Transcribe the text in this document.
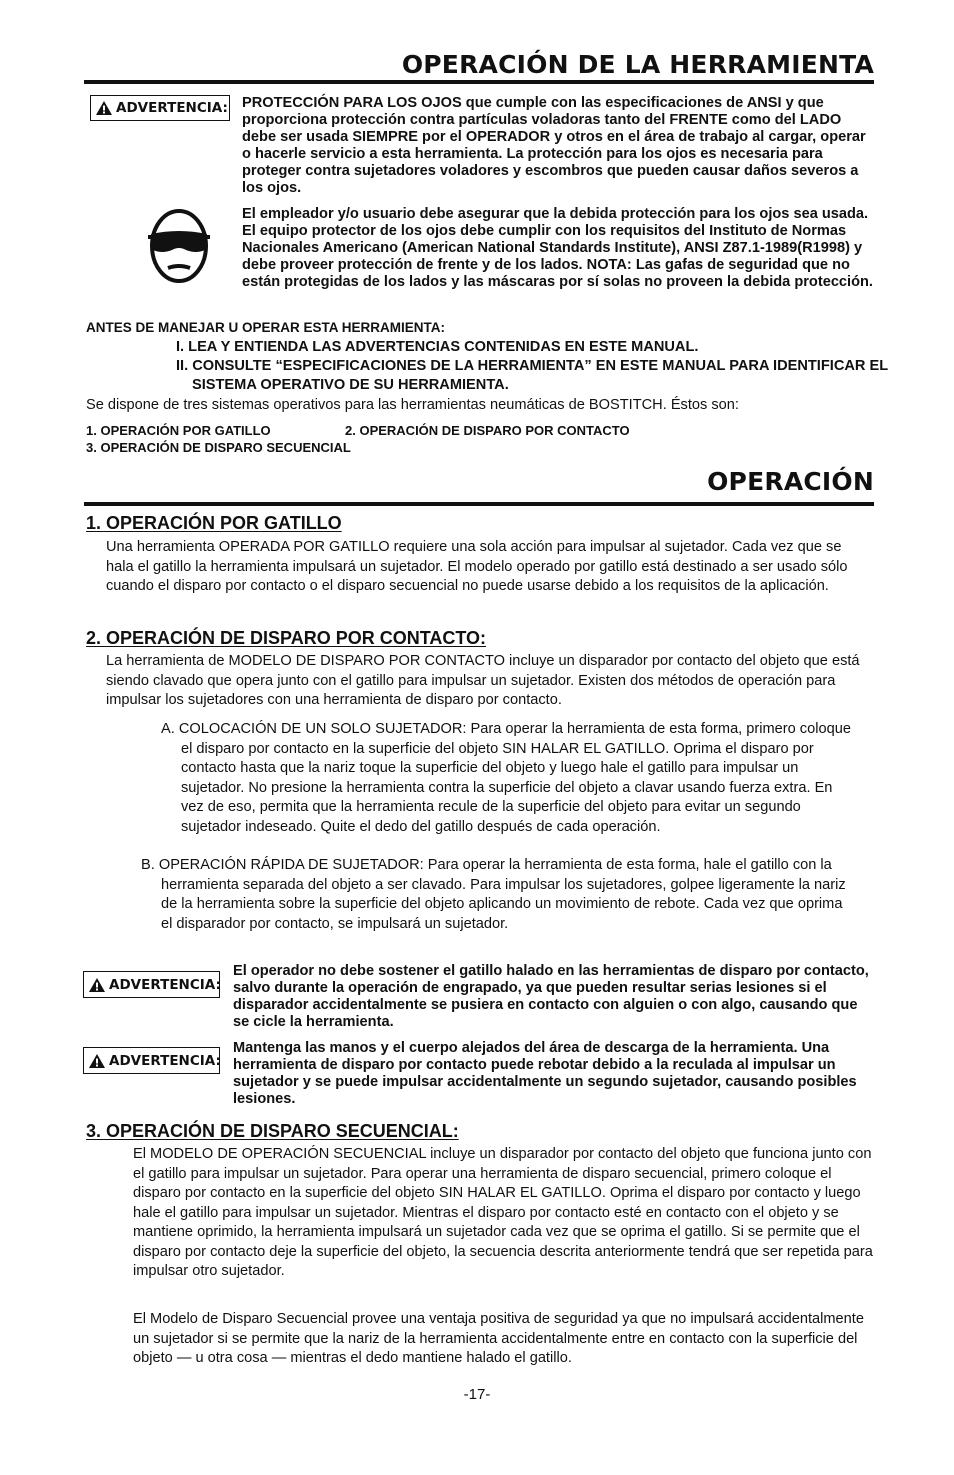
OPERACIÓN DE LA HERRAMIENTA
ADVERTENCIA: PROTECCIÓN PARA LOS OJOS que cumple con las especificaciones de ANSI y que proporciona protección contra partículas voladoras tanto del FRENTE como del LADO debe ser usada SIEMPRE por el OPERADOR y otros en el área de trabajo al cargar, operar o hacerle servicio a esta herramienta. La protección para los ojos es necesaria para proteger contra sujetadores voladores y escombros que pueden causar daños severos a los ojos.

El empleador y/o usuario debe asegurar que la debida protección para los ojos sea usada. El equipo protector de los ojos debe cumplir con los requisitos del Instituto de Normas Nacionales Americano (American National Standards Institute), ANSI Z87.1-1989(R1998) y debe proveer protección de frente y de los lados. NOTA: Las gafas de seguridad que no están protegidas de los lados y las máscaras por sí solas no proveen la debida protección.

ANTES DE MANEJAR U OPERAR ESTA HERRAMIENTA:
I. LEA Y ENTIENDA LAS ADVERTENCIAS CONTENIDAS EN ESTE MANUAL.
II. CONSULTE “ESPECIFICACIONES DE LA HERRAMIENTA” EN ESTE MANUAL PARA IDENTIFICAR EL SISTEMA OPERATIVO DE SU HERRAMIENTA.
Se dispone de tres sistemas operativos para las herramientas neumáticas de BOSTITCH. Éstos son:
1. OPERACIÓN POR GATILLO	2. OPERACIÓN DE DISPARO POR CONTACTO
3. OPERACIÓN DE DISPARO SECUENCIAL
OPERACIÓN
1. OPERACIÓN POR GATILLO

Una herramienta OPERADA POR GATILLO requiere una sola acción para impulsar al sujetador. Cada vez que se hala el gatillo la herramienta impulsará un sujetador. El modelo operado por gatillo está destinado a ser usado sólo cuando el disparo por contacto o el disparo secuencial no puede usarse debido a los requisitos de la aplicación.

2. OPERACIÓN DE DISPARO POR CONTACTO:

La herramienta de MODELO DE DISPARO POR CONTACTO incluye un disparador por contacto del objeto que está siendo clavado que opera junto con el gatillo para impulsar un sujetador. Existen dos métodos de operación para impulsar los sujetadores con una herramienta de disparo por contacto.

A. COLOCACIÓN DE UN SOLO SUJETADOR: Para operar la herramienta de esta forma, primero coloque el disparo por contacto en la superficie del objeto SIN HALAR EL GATILLO. Oprima el disparo por contacto hasta que la nariz toque la superficie del objeto y luego hale el gatillo para impulsar un sujetador. No presione la herramienta contra la superficie del objeto a clavar usando fuerza extra. En vez de eso, permita que la herramienta recule de la superficie del objeto para evitar un segundo sujetador indeseado. Quite el dedo del gatillo después de cada operación.

B. OPERACIÓN RÁPIDA DE SUJETADOR: Para operar la herramienta de esta forma, hale el gatillo con la herramienta separada del objeto a ser clavado. Para impulsar los sujetadores, golpee ligeramente la nariz de la herramienta sobre la superficie del objeto aplicando un movimiento de rebote. Cada vez que oprima el disparador por contacto, se impulsará un sujetador.

ADVERTENCIA:

El operador no debe sostener el gatillo halado en las herramientas de disparo por contacto, salvo durante la operación de engrapado, ya que pueden resultar serias lesiones si el disparador accidentalmente se pusiera en contacto con alguien o con algo, causando que se cicle la herramienta.

ADVERTENCIA:

Mantenga las manos y el cuerpo alejados del área de descarga de la herramienta. Una herramienta de disparo por contacto puede rebotar debido a la reculada al impulsar un sujetador y se puede impulsar accidentalmente un segundo sujetador, causando posibles lesiones.

3. OPERACIÓN DE DISPARO SECUENCIAL:

El MODELO DE OPERACIÓN SECUENCIAL incluye un disparador por contacto del objeto que funciona junto con el gatillo para impulsar un sujetador. Para operar una herramienta de disparo secuencial, primero coloque el disparo por contacto en la superficie del objeto SIN HALAR EL GATILLO. Oprima el disparo por contacto y luego hale el gatillo para impulsar un sujetador. Mientras el disparo por contacto esté en contacto con el objeto y se mantiene oprimido, la herramienta impulsará un sujetador cada vez que se oprima el gatillo. Si se permite que el disparo por contacto deje la superficie del objeto, la secuencia descrita anteriormente tendrá que ser repetida para impulsar otro sujetador.

El Modelo de Disparo Secuencial provee una ventaja positiva de seguridad ya que no impulsará accidentalmente un sujetador si se permite que la nariz de la herramienta accidentalmente entre en contacto con la superficie del objeto — u otra cosa — mientras el dedo mantiene halado el gatillo.

-17-
